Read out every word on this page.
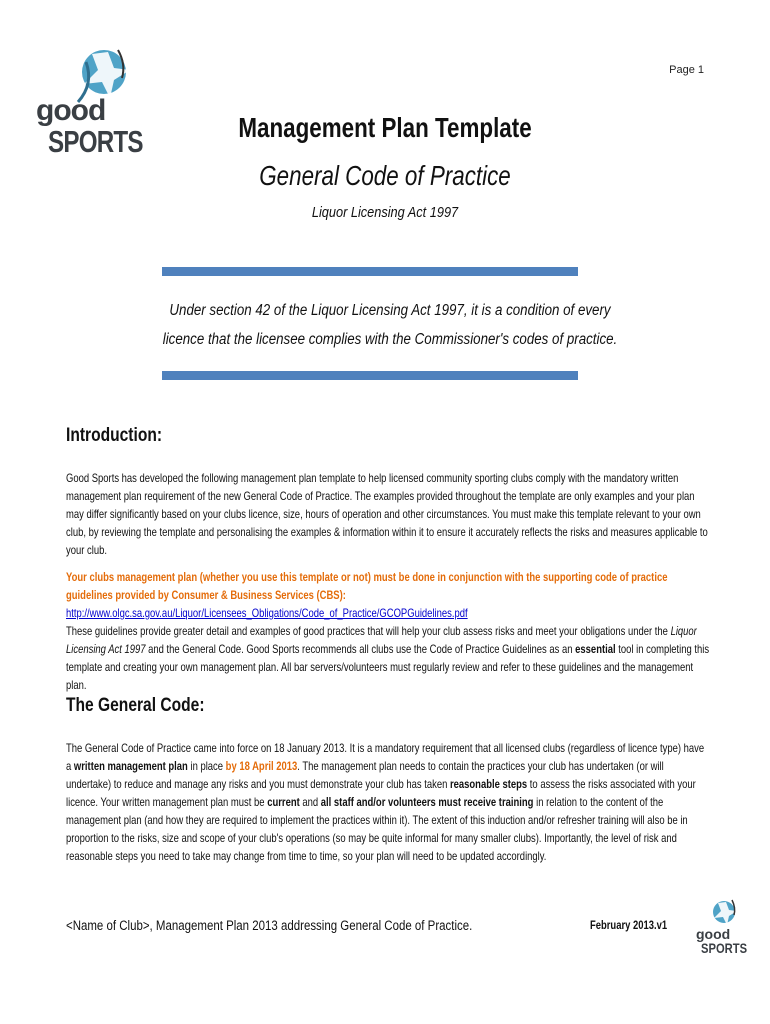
good
SPORTS
Page 1
Management Plan Template
General Code of Practice
Liquor Licensing Act 1997
Under section 42 of the Liquor Licensing Act 1997, it is a condition of every
licence that the licensee complies with the Commissioner's codes of practice.
Introduction:
Good Sports has developed the following management plan template to help licensed community sporting clubs comply with the mandatory written management plan requirement of the new General Code of Practice. The examples provided throughout the template are only examples and your plan may differ significantly based on your clubs licence, size, hours of operation and other circumstances. You must make this template relevant to your own club, by reviewing the template and personalising the examples & information within it to ensure it accurately reflects the risks and measures applicable to your club.
Your clubs management plan (whether you use this template or not) must be done in conjunction with the supporting code of practice guidelines provided by Consumer & Business Services (CBS): http://www.olgc.sa.gov.au/Liquor/Licensees_Obligations/Code_of_Practice/GCOPGuidelines.pdf
These guidelines provide greater detail and examples of good practices that will help your club assess risks and meet your obligations under the Liquor Licensing Act 1997 and the General Code. Good Sports recommends all clubs use the Code of Practice Guidelines as an essential tool in completing this template and creating your own management plan. All bar servers/volunteers must regularly review and refer to these guidelines and the management plan.
The General Code:
The General Code of Practice came into force on 18 January 2013. It is a mandatory requirement that all licensed clubs (regardless of licence type) have a written management plan in place by 18 April 2013. The management plan needs to contain the practices your club has undertaken (or will undertake) to reduce and manage any risks and you must demonstrate your club has taken reasonable steps to assess the risks associated with your licence. Your written management plan must be current and all staff and/or volunteers must receive training in relation to the content of the management plan (and how they are required to implement the practices within it). The extent of this induction and/or refresher training will also be in proportion to the risks, size and scope of your club's operations (so may be quite informal for many smaller clubs). Importantly, the level of risk and reasonable steps you need to take may change from time to time, so your plan will need to be updated accordingly.
<Name of Club>, Management Plan 2013 addressing General Code of Practice.	February 2013.v1 good
SPORTS
